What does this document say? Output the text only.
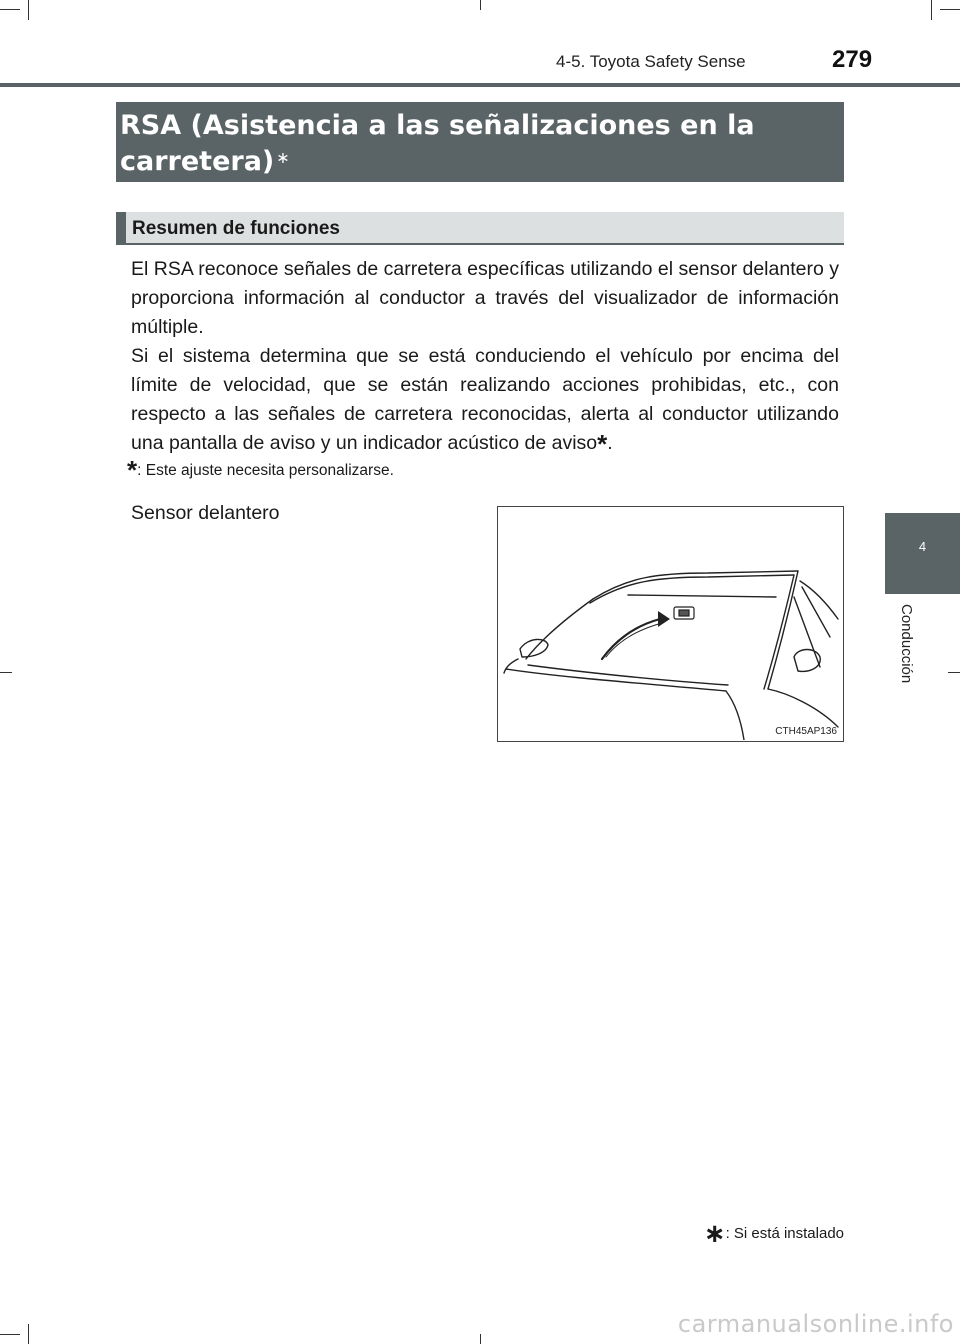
4-5. Toyota Safety Sense	279
4
Conducción
RSA (Asistencia a las señalizaciones en la carretera) ∗
Resumen de funciones
El RSA reconoce señales de carretera específicas utilizando el sensor delantero y proporciona información al conductor a través del visualizador de información múltiple.
Si el sistema determina que se está conduciendo el vehículo por encima del límite de velocidad, que se están realizando acciones prohibidas, etc., con respecto a las señales de carretera reconocidas, alerta al conductor utilizando una pantalla de aviso y un indicador acústico de aviso*.
*: Este ajuste necesita personalizarse.
Sensor delantero
CTH45AP136
∗: Si está instalado
carmanualsonline.info
